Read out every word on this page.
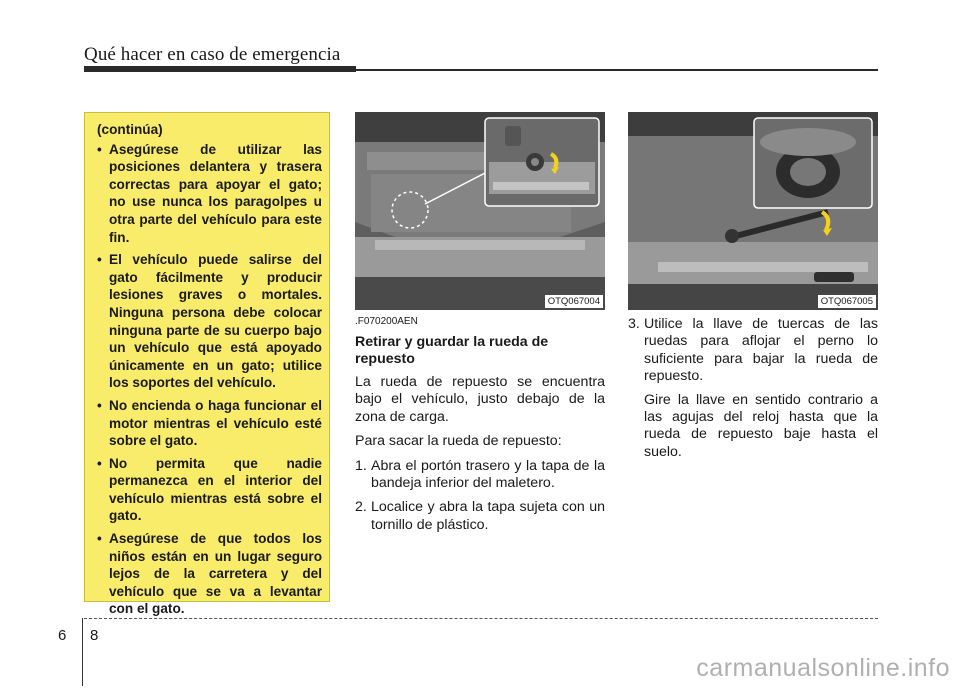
Qué hacer en caso de emergencia
(continúa)
• Asegúrese de utilizar las posiciones delantera y trasera correctas para apoyar el gato; no use nunca los paragolpes u otra parte del vehículo para este fin.
• El vehículo puede salirse del gato fácilmente y producir lesiones graves o mortales. Ninguna persona debe colocar ninguna parte de su cuerpo bajo un vehículo que está apoyado únicamente en un gato; utilice los soportes del vehículo.
• No encienda o haga funcionar el motor mientras el vehículo esté sobre el gato.
• No permita que nadie permanezca en el interior del vehículo mientras está sobre el gato.
• Asegúrese de que todos los niños están en un lugar seguro lejos de la carretera y del vehículo que se va a levantar con el gato.
OTQ067004	OTQ067005
.F070200AEN
Retirar y guardar la rueda de repuesto

La rueda de repuesto se encuentra bajo el vehículo, justo debajo de la zona de carga.

Para sacar la rueda de repuesto:

1. Abra el portón trasero y la tapa de la bandeja inferior del maletero.
2. Localice y abra la tapa sujeta con un tornillo de plástico.
3. Utilice la llave de tuercas de las ruedas para aflojar el perno lo suficiente para bajar la rueda de repuesto.

Gire la llave en sentido contrario a las agujas del reloj hasta que la rueda de repuesto baje hasta el suelo.

6 8
carmanualsonline.info
